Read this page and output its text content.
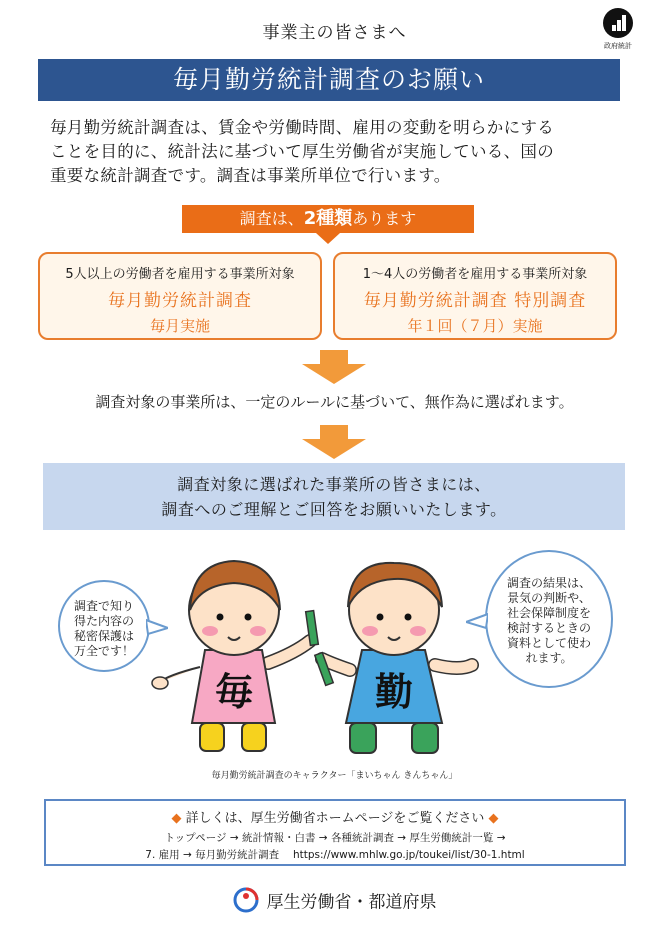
事業主の皆さまへ
政府統計
毎月勤労統計調査のお願い
毎月勤労統計調査は、賃金や労働時間、雇用の変動を明らかにする
ことを目的に、統計法に基づいて厚生労働省が実施している、国の
重要な統計調査です。調査は事業所単位で行います。
調査は、2種類あります
5人以上の労働者を雇用する事業所対象
毎月勤労統計調査
毎月実施
1～4人の労働者を雇用する事業所対象
毎月勤労統計調査 特別調査
年１回（７月）実施
調査対象の事業所は、一定のルールに基づいて、無作為に選ばれます。
調査対象に選ばれた事業所の皆さまには、
調査へのご理解とご回答をお願いいたします。
調査で知り
得た内容の
秘密保護は
万全です！
調査の結果は、
景気の判断や、
社会保障制度を
検討するときの
資料として使わ
れます。
毎	勤
毎月勤労統計調査のキャラクター「まいちゃん きんちゃん」
◆ 詳しくは、厚生労働省ホームページをご覧ください ◆
トップページ → 統計情報・白書 → 各種統計調査 → 厚生労働統計一覧 →
7. 雇用 → 毎月勤労統計調査　 https://www.mhlw.go.jp/toukei/list/30-1.html
厚生労働省・都道府県
